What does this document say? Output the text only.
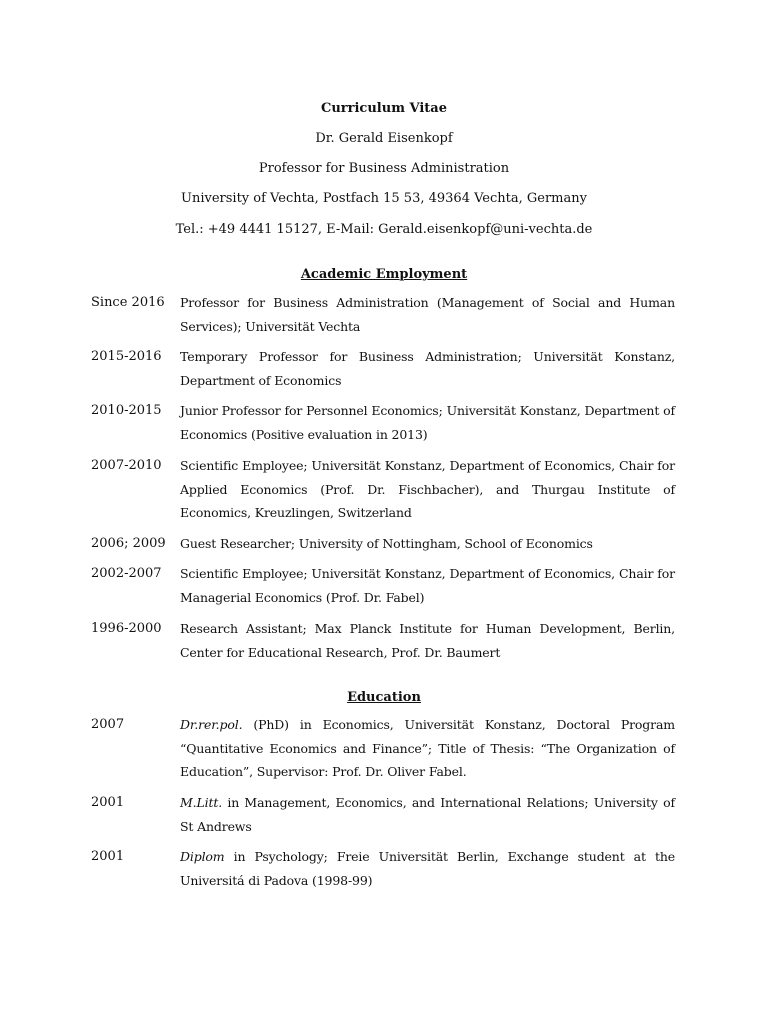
Curriculum Vitae
Dr. Gerald Eisenkopf
Professor for Business Administration
University of Vechta, Postfach 15 53, 49364 Vechta, Germany
Tel.: +49 4441 15127, E-Mail: Gerald.eisenkopf@uni-vechta.de
Academic Employment
Since 2016	Professor for Business Administration (Management of Social and Human Services); Universität Vechta
2015-2016	Temporary Professor for Business Administration; Universität Konstanz, Department of Economics
2010-2015	Junior Professor for Personnel Economics; Universität Konstanz, Department of Economics (Positive evaluation in 2013)
2007-2010	Scientific Employee; Universität Konstanz, Department of Economics, Chair for Applied Economics (Prof. Dr. Fischbacher), and Thurgau Institute of Economics, Kreuzlingen, Switzerland
2006; 2009	Guest Researcher; University of Nottingham, School of Economics
2002-2007	Scientific Employee; Universität Konstanz, Department of Economics, Chair for Managerial Economics (Prof. Dr. Fabel)
1996-2000	Research Assistant; Max Planck Institute for Human Development, Berlin, Center for Educational Research, Prof. Dr. Baumert
Education
2007	Dr.rer.pol. (PhD) in Economics, Universität Konstanz, Doctoral Program “Quantitative Economics and Finance”; Title of Thesis: “The Organization of Education”, Supervisor: Prof. Dr. Oliver Fabel.
2001	M.Litt. in Management, Economics, and International Relations; University of St Andrews
2001	Diplom in Psychology; Freie Universität Berlin, Exchange student at the Universitá di Padova (1998-99)
